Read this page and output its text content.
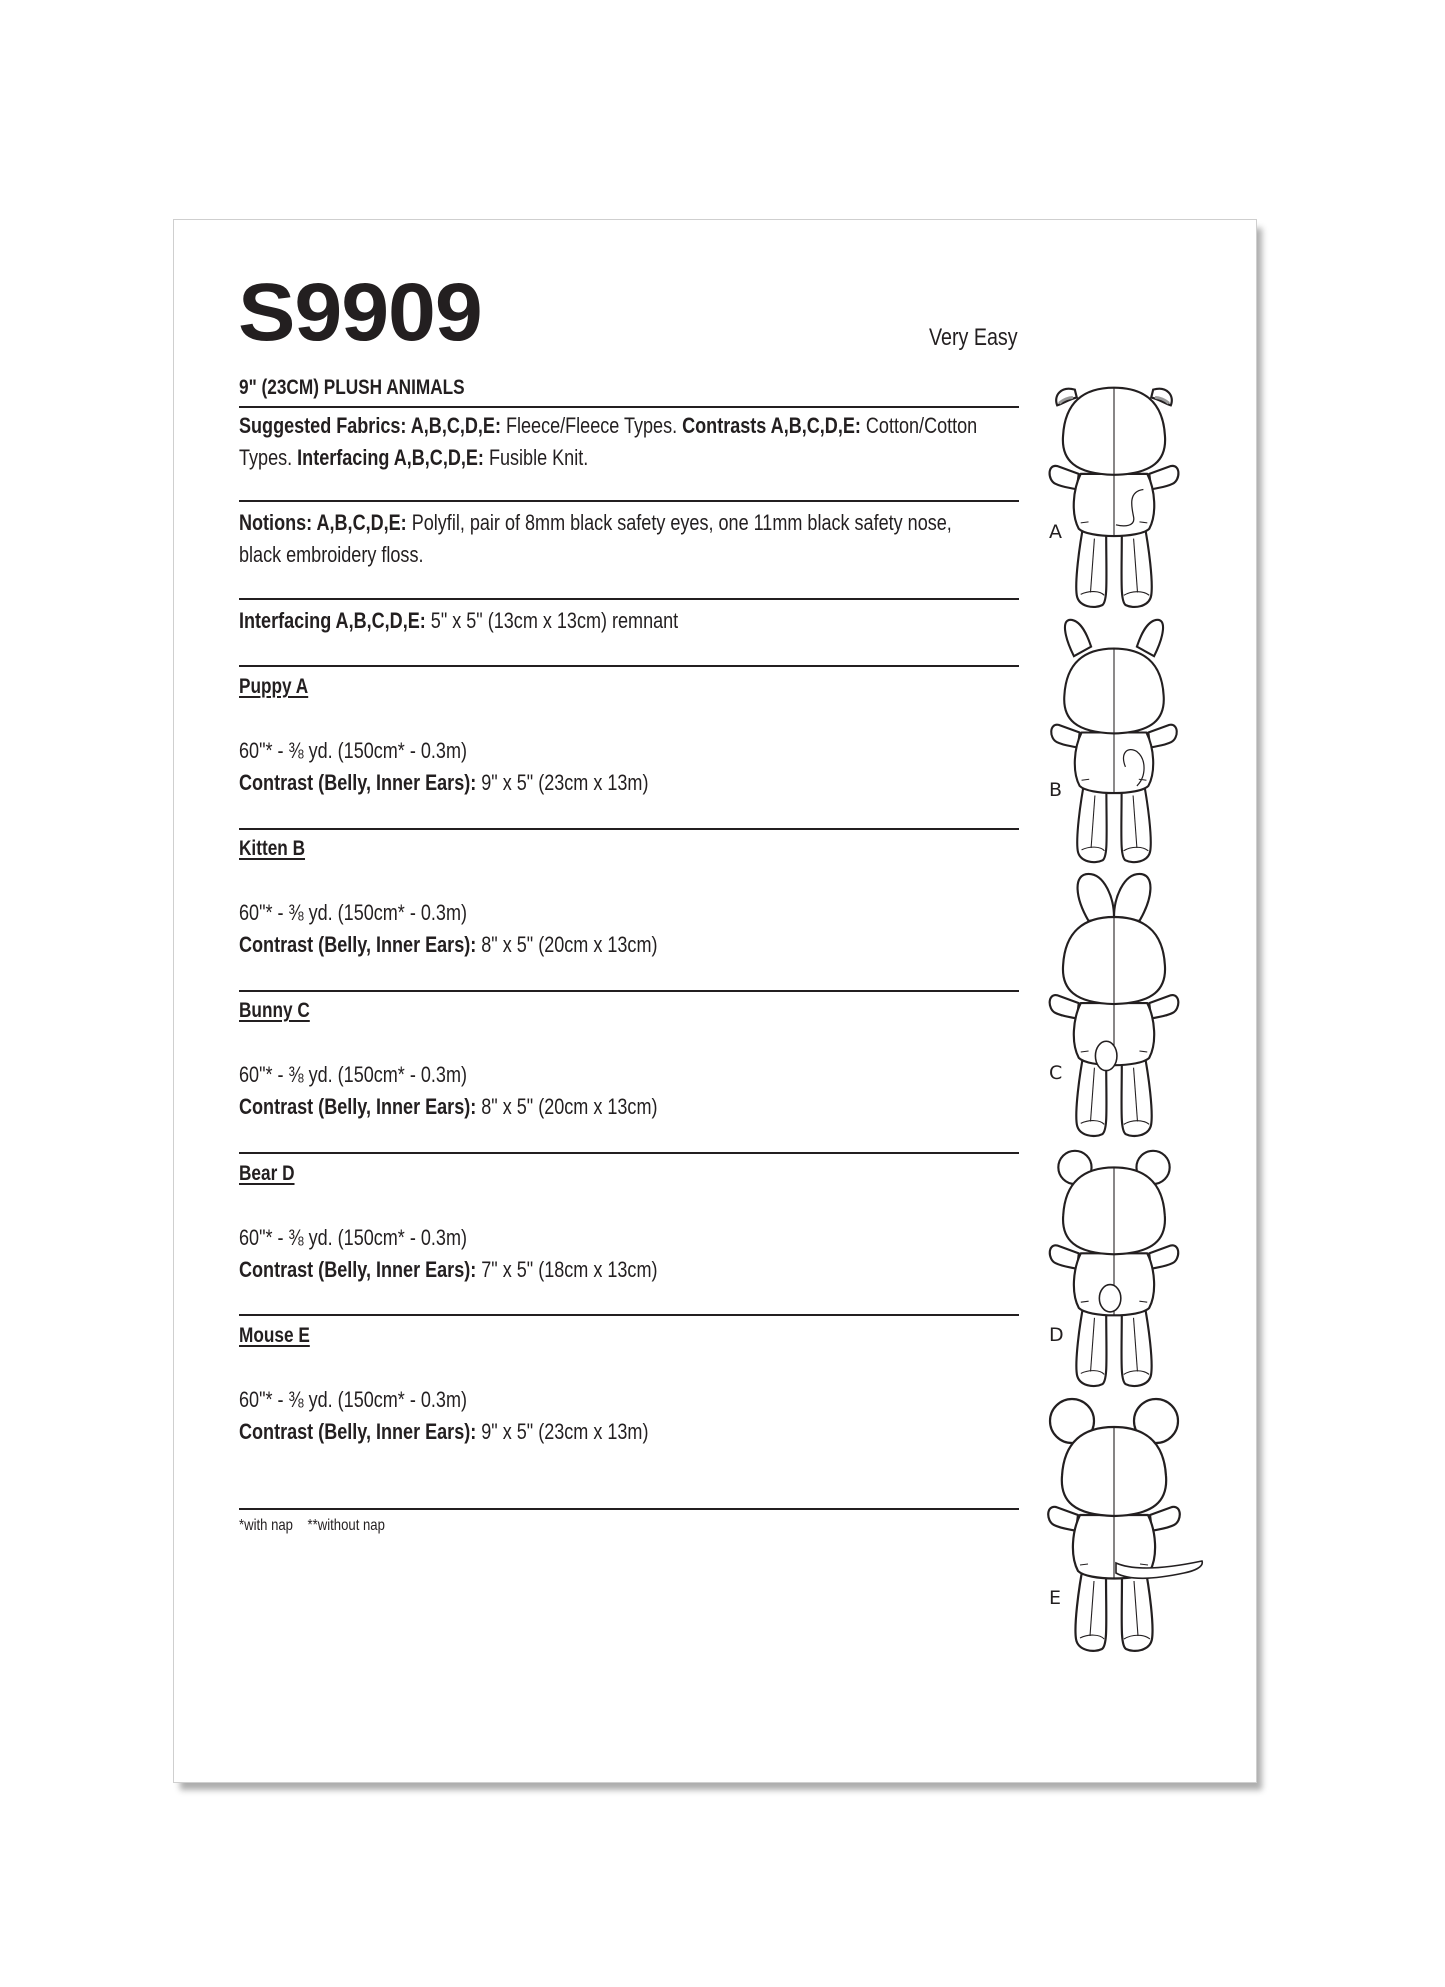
S9909	Very Easy
9" (23CM) PLUSH ANIMALS
Suggested Fabrics: A,B,C,D,E: Fleece/Fleece Types. Contrasts A,B,C,D,E: Cotton/Cotton
Types. Interfacing A,B,C,D,E: Fusible Knit.
Notions: A,B,C,D,E: Polyfil, pair of 8mm black safety eyes, one 11mm black safety nose,
black embroidery floss.
Interfacing A,B,C,D,E: 5" x 5" (13cm x 13cm) remnant
Puppy A
60"* - ⅜ yd. (150cm* - 0.3m)
Contrast (Belly, Inner Ears): 9" x 5" (23cm x 13m)
Kitten B
60"* - ⅜ yd. (150cm* - 0.3m)
Contrast (Belly, Inner Ears): 8" x 5" (20cm x 13cm)
Bunny C
60"* - ⅜ yd. (150cm* - 0.3m)
Contrast (Belly, Inner Ears): 8" x 5" (20cm x 13cm)
Bear D
60"* - ⅜ yd. (150cm* - 0.3m)
Contrast (Belly, Inner Ears): 7" x 5" (18cm x 13cm)
Mouse E
60"* - ⅜ yd. (150cm* - 0.3m)
Contrast (Belly, Inner Ears): 9" x 5" (23cm x 13m)
*with nap **without nap
A
B
C
D
E
